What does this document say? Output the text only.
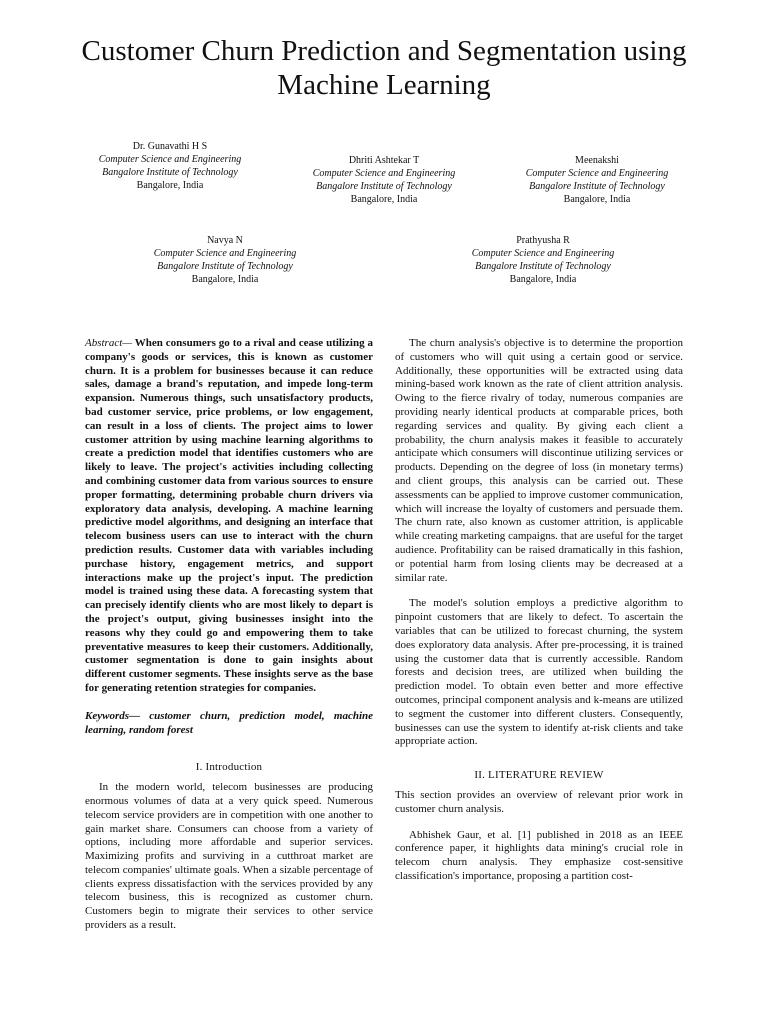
Customer Churn Prediction and Segmentation using Machine Learning
Dr. Gunavathi H S
Computer Science and Engineering
Bangalore Institute of Technology
Bangalore, India
Dhriti Ashtekar T
Computer Science and Engineering
Bangalore Institute of Technology
Bangalore, India
Meenakshi
Computer Science and Engineering
Bangalore Institute of Technology
Bangalore, India
Navya N
Computer Science and Engineering
Bangalore Institute of Technology
Bangalore, India
Prathyusha R
Computer Science and Engineering
Bangalore Institute of Technology
Bangalore, India

Abstract— When consumers go to a rival and cease utilizing a company's goods or services, this is known as customer churn. It is a problem for businesses because it can reduce sales, damage a brand's reputation, and impede long-term expansion. Numerous things, such unsatisfactory products, bad customer service, price problems, or low engagement, can result in a loss of clients. The project aims to lower customer attrition by using machine learning algorithms to create a prediction model that identifies customers who are likely to leave. The project's activities including collecting and combining customer data from various sources to ensure proper formatting, determining probable churn drivers via exploratory data analysis, developing. A machine learning predictive model algorithms, and designing an interface that telecom business users can use to interact with the churn prediction results. Customer data with variables including purchase history, engagement metrics, and support interactions make up the project's input. The prediction model is trained using these data. A forecasting system that can precisely identify clients who are most likely to depart is the project's output, giving businesses insight into the reasons why they could go and empowering them to take preventative measures to keep their customers. Additionally, customer segmentation is done to gain insights about different customer segments. These insights serve as the base for generating retention strategies for companies.

Keywords— customer churn, prediction model, machine learning, random forest

I. Introduction

In the modern world, telecom businesses are producing enormous volumes of data at a very quick speed. Numerous telecom service providers are in competition with one another to gain market share. Consumers can choose from a variety of options, including more affordable and superior services. Maximizing profits and surviving in a cutthroat market are telecom companies' ultimate goals. When a sizable percentage of clients express dissatisfaction with the services provided by any telecom business, this is recognized as customer churn. Customers begin to migrate their services to other service providers as a result.

The churn analysis's objective is to determine the proportion of customers who will quit using a certain good or service. Additionally, these opportunities will be extracted using data mining-based work known as the rate of client attrition analysis. Owing to the fierce rivalry of today, numerous companies are providing nearly identical products at comparable prices, both regarding services and quality. By giving each client a probability, the churn analysis makes it feasible to accurately anticipate which consumers will discontinue utilizing services or products. Depending on the degree of loss (in monetary terms) and client groups, this analysis can be carried out. These assessments can be applied to improve customer communication, which will increase the loyalty of customers and persuade them. The churn rate, also known as customer attrition, is applicable while creating marketing campaigns. that are useful for the target audience. Profitability can be raised dramatically in this fashion, or potential harm from losing clients may be decreased at a similar rate.

The model's solution employs a predictive algorithm to pinpoint customers that are likely to defect. To ascertain the variables that can be utilized to forecast churning, the system does exploratory data analysis. After pre-processing, it is trained using the customer data that is currently accessible. Random forests and decision trees, are utilized when building the prediction model. To obtain even better and more effective outcomes, principal component analysis and k-means are utilized to segment the customer into different clusters. Consequently, businesses can use the system to identify at-risk clients and take appropriate action.

II. LITERATURE REVIEW

This section provides an overview of relevant prior work in customer churn analysis.

Abhishek Gaur, et al. [1] published in 2018 as an IEEE conference paper, it highlights data mining's crucial role in telecom churn analysis. They emphasize cost-sensitive classification's importance, proposing a partition cost-
